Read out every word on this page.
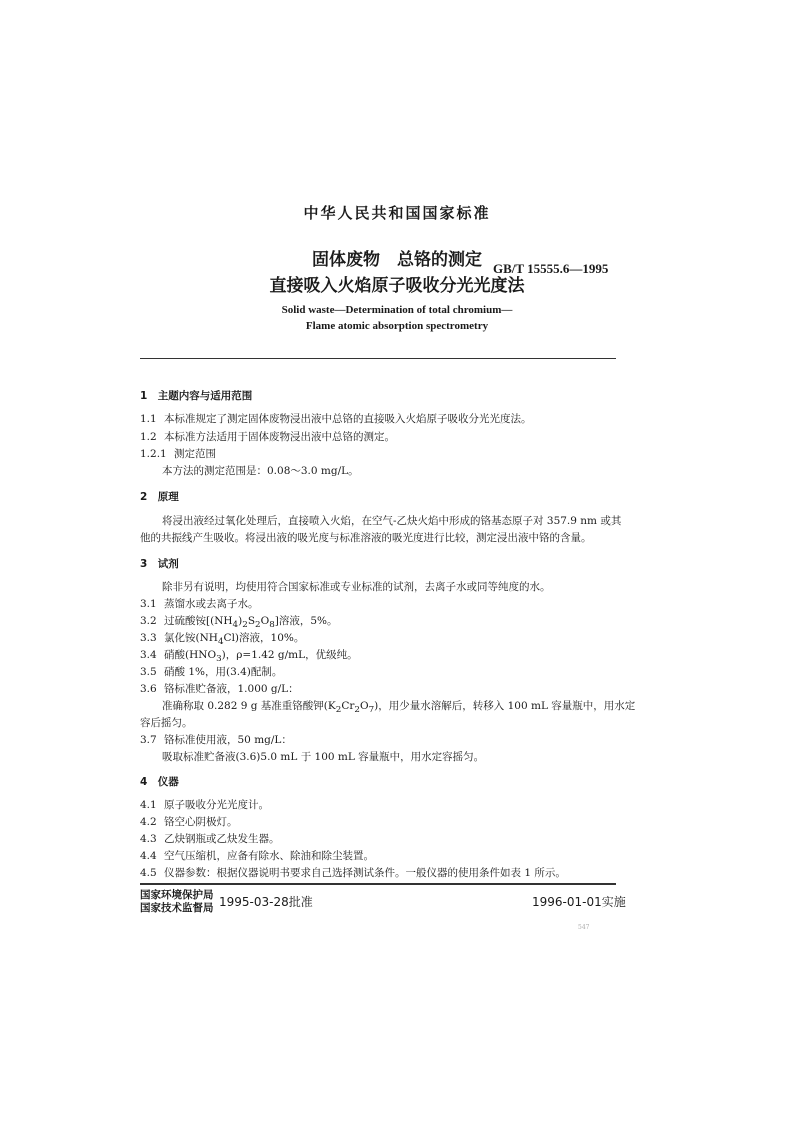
中华人民共和国国家标准
固体废物　总铬的测定
直接吸入火焰原子吸收分光光度法
GB/T 15555.6—1995
Solid waste—Determination of total chromium—
Flame atomic absorption spectrometry
1　主题内容与适用范围
1.1 本标准规定了测定固体废物浸出液中总铬的直接吸入火焰原子吸收分光光度法。
1.2 本标准方法适用于固体废物浸出液中总铬的测定。
1.2.1 测定范围
本方法的测定范围是：0.08～3.0 mg/L。
2　原理
将浸出液经过氧化处理后，直接喷入火焰，在空气-乙炔火焰中形成的铬基态原子对 357.9 nm 或其
他的共振线产生吸收。将浸出液的吸光度与标准溶液的吸光度进行比较，测定浸出液中铬的含量。
3　试剂
除非另有说明，均使用符合国家标准或专业标准的试剂，去离子水或同等纯度的水。
3.1 蒸馏水或去离子水。
3.2 过硫酸铵$[(NH_4)_2S_2O_8]$溶液，5%。
3.3 氯化铵$(NH_4Cl)$溶液，10%。
3.4 硝酸$(HNO_3)$，ρ=1.42 g/mL，优级纯。
3.5 硝酸 1%，用(3.4)配制。
3.6 铬标准贮备液，1.000 g/L：
准确称取 0.282 9 g 基准重铬酸钾$(K_2Cr_2O_7)$，用少量水溶解后，转移入 100 mL 容量瓶中，用水定
容后摇匀。
3.7 铬标准使用液，50 mg/L：
吸取标准贮备液(3.6)5.0 mL 于 100 mL 容量瓶中，用水定容摇匀。
4　仪器
4.1 原子吸收分光光度计。
4.2 铬空心阴极灯。
4.3 乙炔钢瓶或乙炔发生器。
4.4 空气压缩机，应备有除水、除油和除尘装置。
4.5 仪器参数：根据仪器说明书要求自己选择测试条件。一般仪器的使用条件如表 1 所示。
国家环境保护局
国家技术监督局 1995-03-28批准	1996-01-01实施
547
